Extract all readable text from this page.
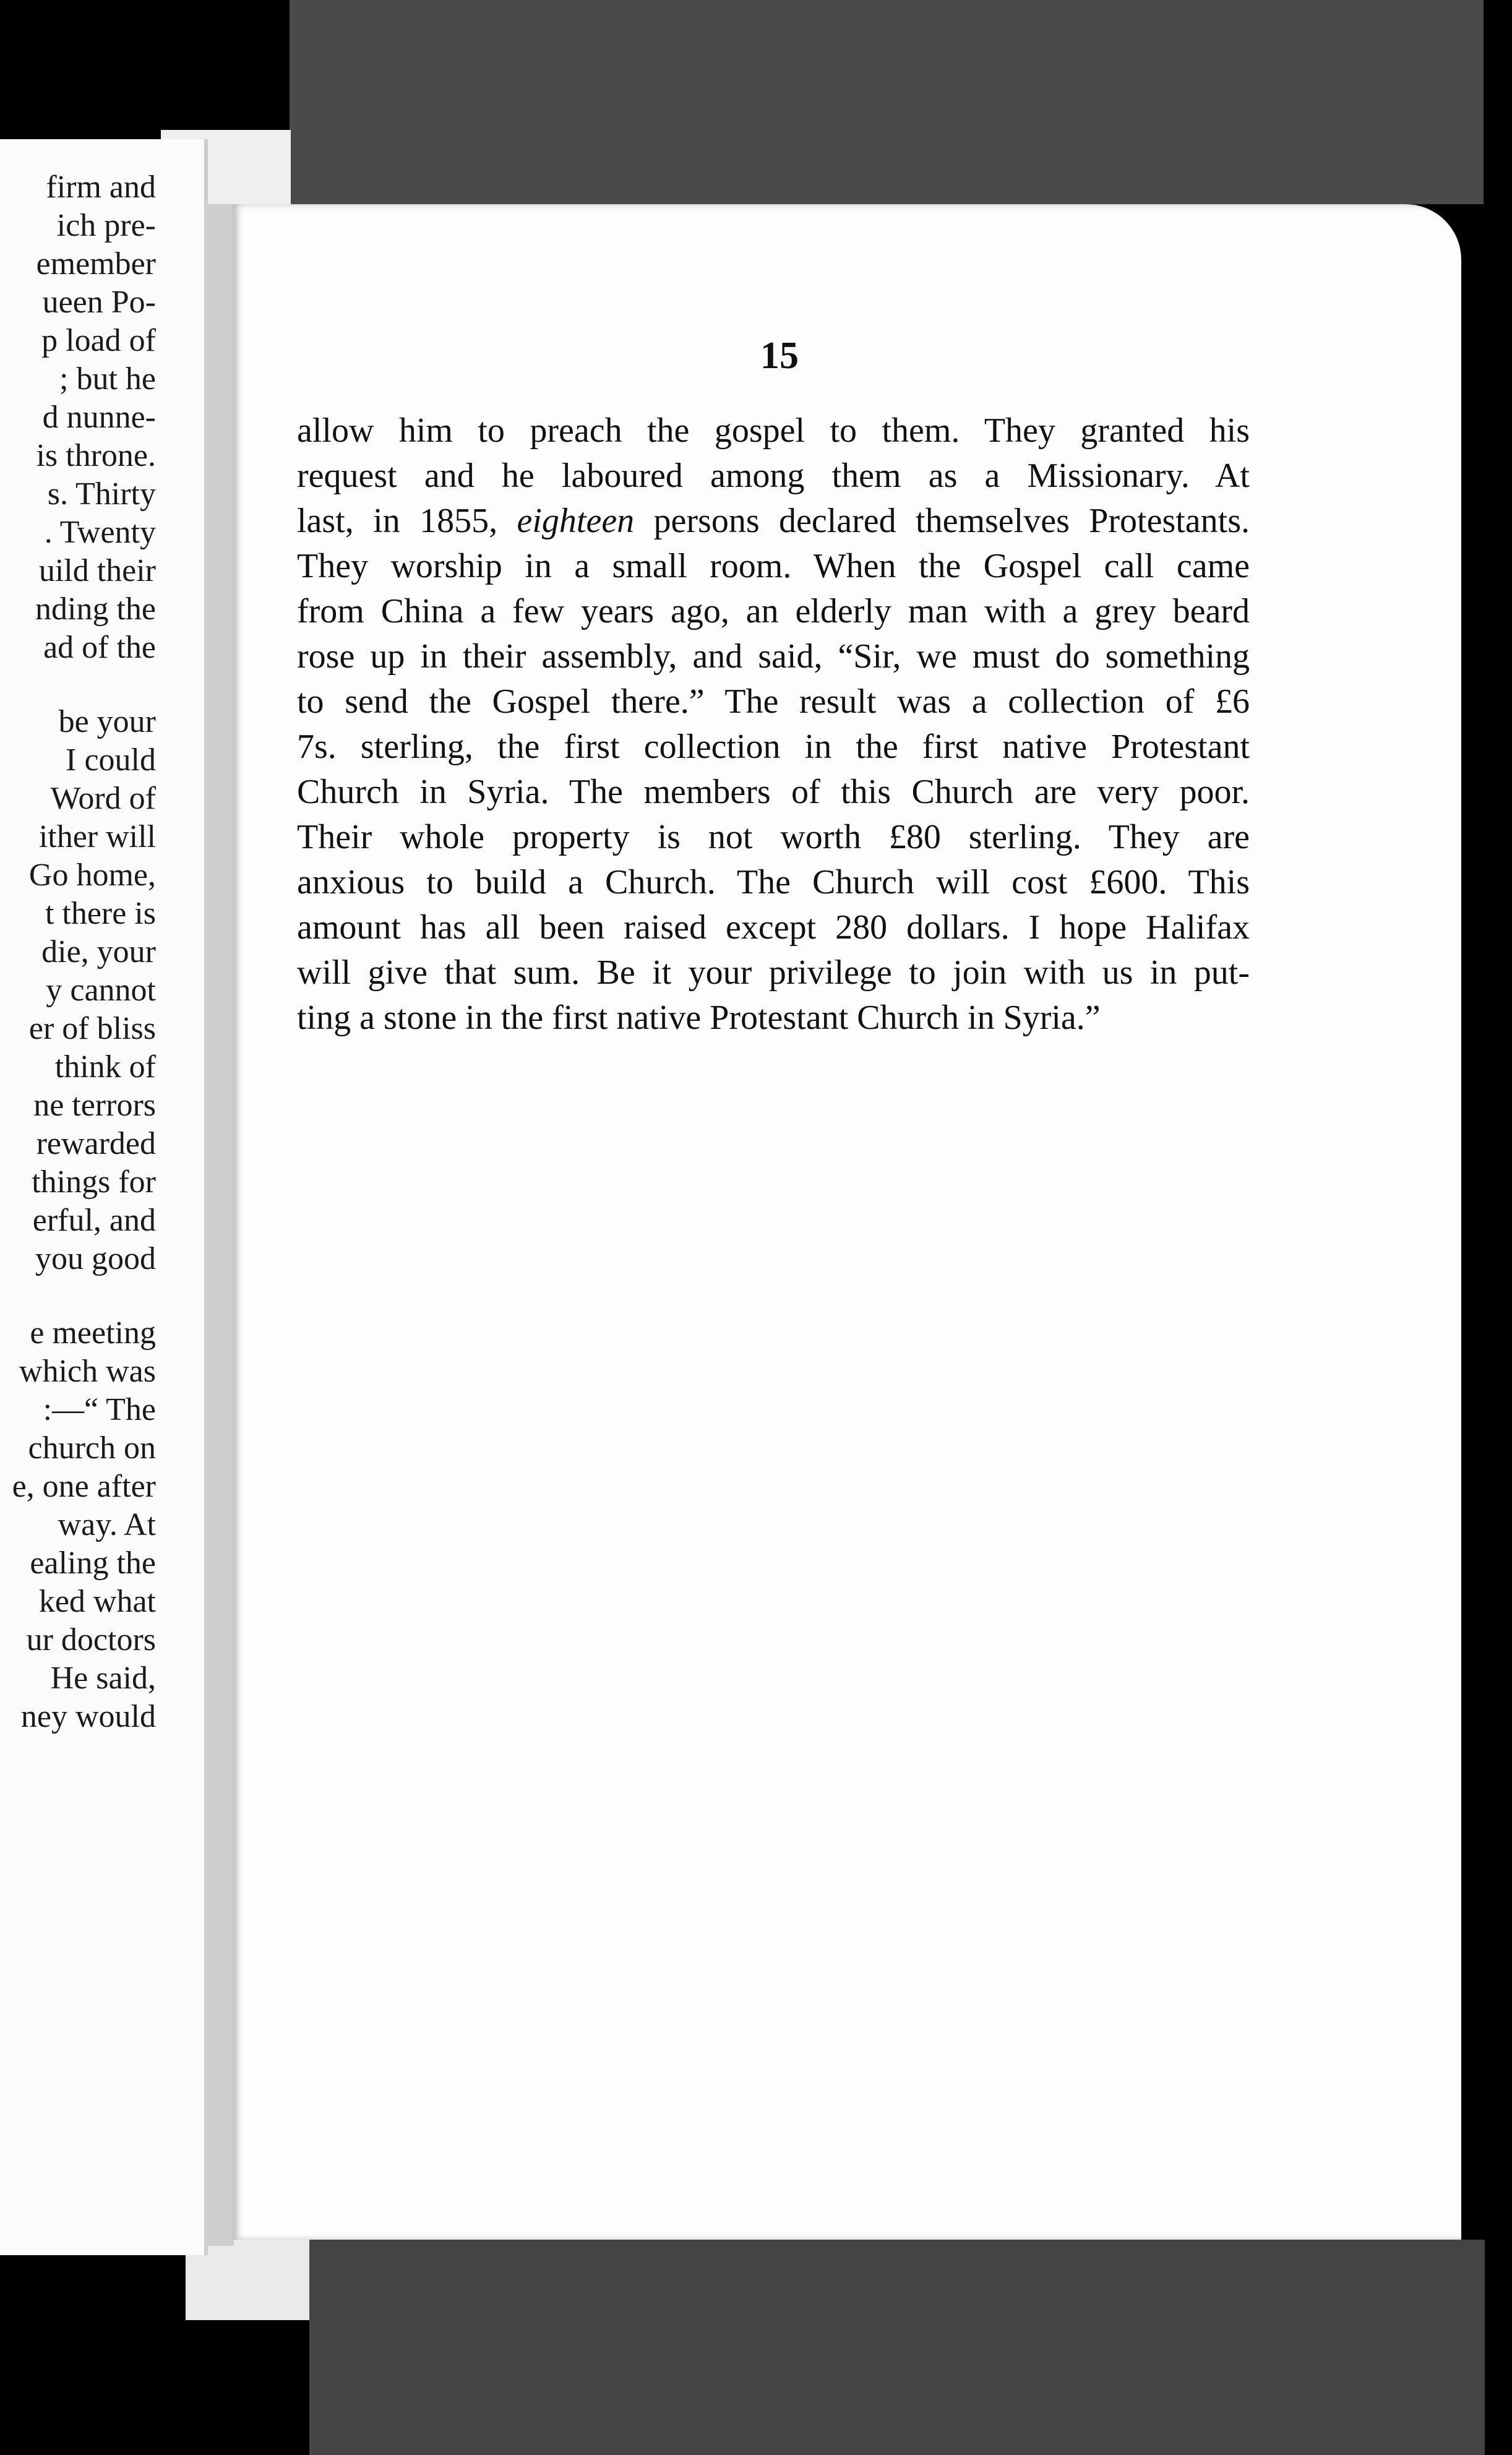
firm and
ich pre-
emember
ueen Po-
p load of
; but he
d nunne-
is throne.
s. Thirty
. Twenty
uild their
nding the
ad of the
be your
I could
Word of
ither will
Go home,
t there is
die, your
y cannot
er of bliss
think of
ne terrors
rewarded
things for
erful, and
you good
e meeting
which was
:—“ The
church on
e, one after
way. At
ealing the
ked what
ur doctors
He said,
ney would
15
allow him to preach the gospel to them. They granted his
request and he laboured among them as a Missionary. At
last, in 1855, eighteen persons declared themselves Protestants.
They worship in a small room. When the Gospel call came
from China a few years ago, an elderly man with a grey beard
rose up in their assembly, and said, “Sir, we must do something
to send the Gospel there.” The result was a collection of £6
7s. sterling, the first collection in the first native Protestant
Church in Syria. The members of this Church are very poor.
Their whole property is not worth £80 sterling. They are
anxious to build a Church. The Church will cost £600. This
amount has all been raised except 280 dollars. I hope Halifax
will give that sum. Be it your privilege to join with us in put-
ting a stone in the first native Protestant Church in Syria.”
